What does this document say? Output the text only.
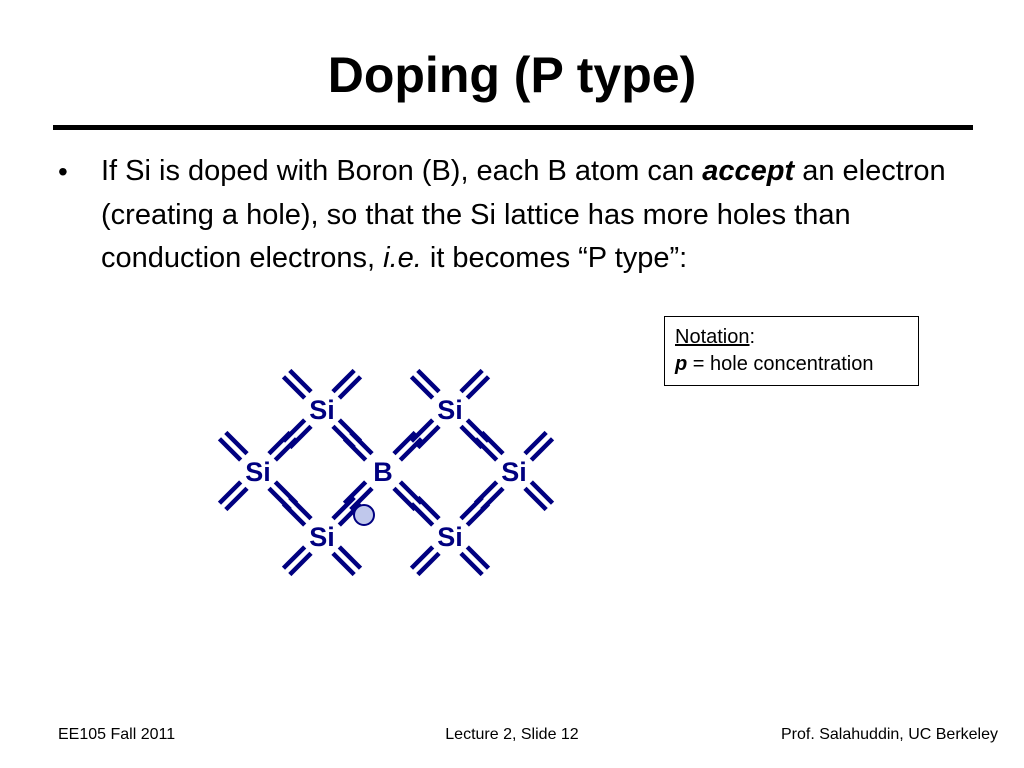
Doping (P type)
• If Si is doped with Boron (B), each B atom can accept an electron (creating a hole), so that the Si lattice has more holes than conduction electrons, i.e. it becomes “P type”:
Notation:
p = hole concentration
Si	Si
Si	B	Si
Si	Si
EE105 Fall 2011	Lecture 2, Slide 12	Prof. Salahuddin, UC Berkeley
